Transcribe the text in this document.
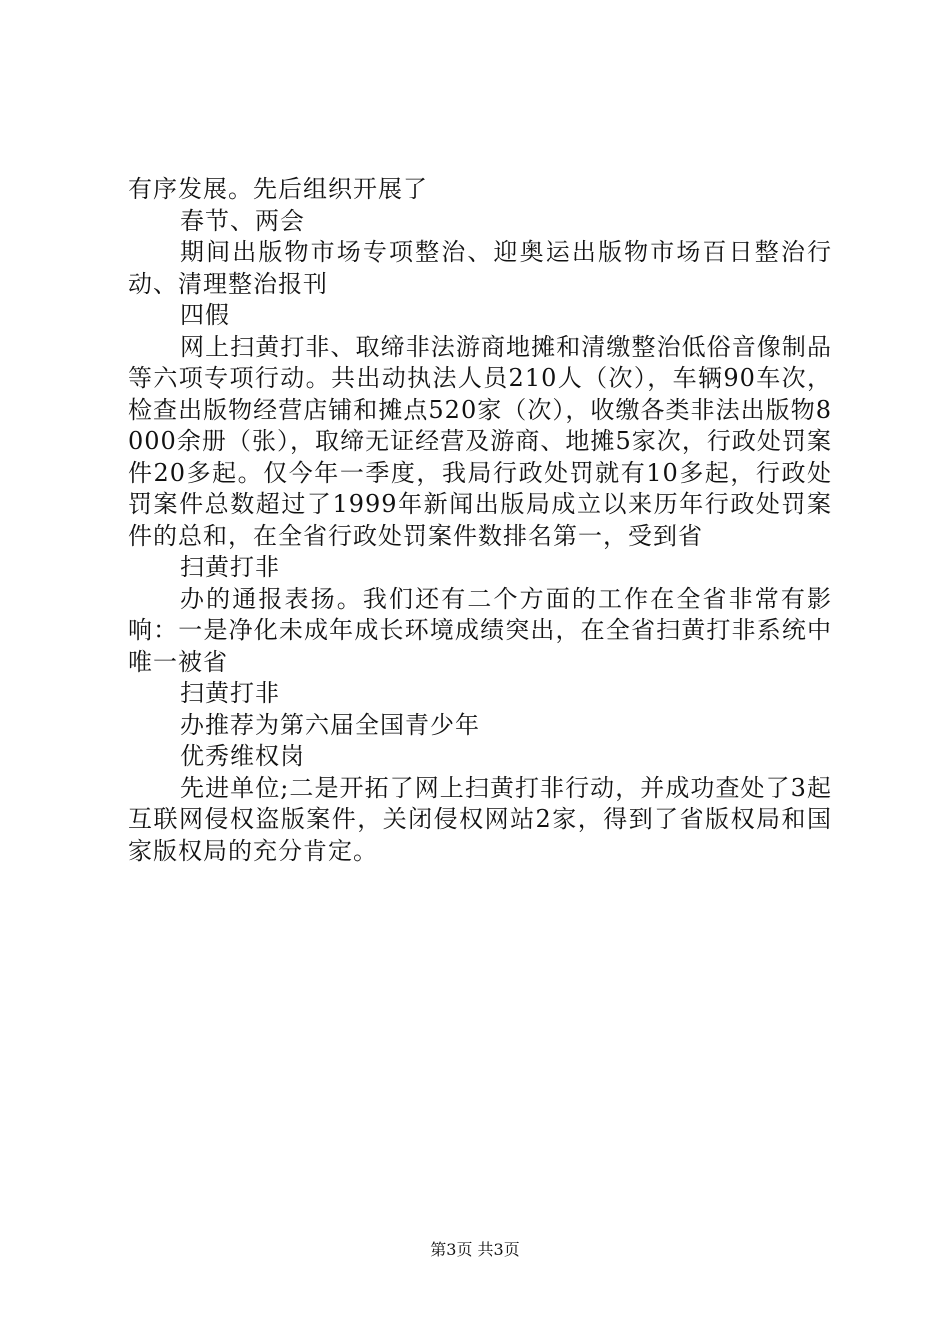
有序发展。先后组织开展了

春节、两会

期间出版物市场专项整治、迎奥运出版物市场百日整治行动、清理整治报刊

四假

网上扫黄打非、取缔非法游商地摊和清缴整治低俗音像制品等六项专项行动。共出动执法人员210人（次），车辆90车次，检查出版物经营店铺和摊点520家（次），收缴各类非法出版物8000余册（张），取缔无证经营及游商、地摊5家次，行政处罚案件20多起。仅今年一季度，我局行政处罚就有10多起，行政处罚案件总数超过了1999年新闻出版局成立以来历年行政处罚案件的总和，在全省行政处罚案件数排名第一，受到省

扫黄打非

办的通报表扬。我们还有二个方面的工作在全省非常有影响：一是净化未成年成长环境成绩突出，在全省扫黄打非系统中唯一被省

扫黄打非

办推荐为第六届全国青少年

优秀维权岗

先进单位;二是开拓了网上扫黄打非行动，并成功查处了3起互联网侵权盗版案件，关闭侵权网站2家，得到了省版权局和国家版权局的充分肯定。

第3页 共3页
